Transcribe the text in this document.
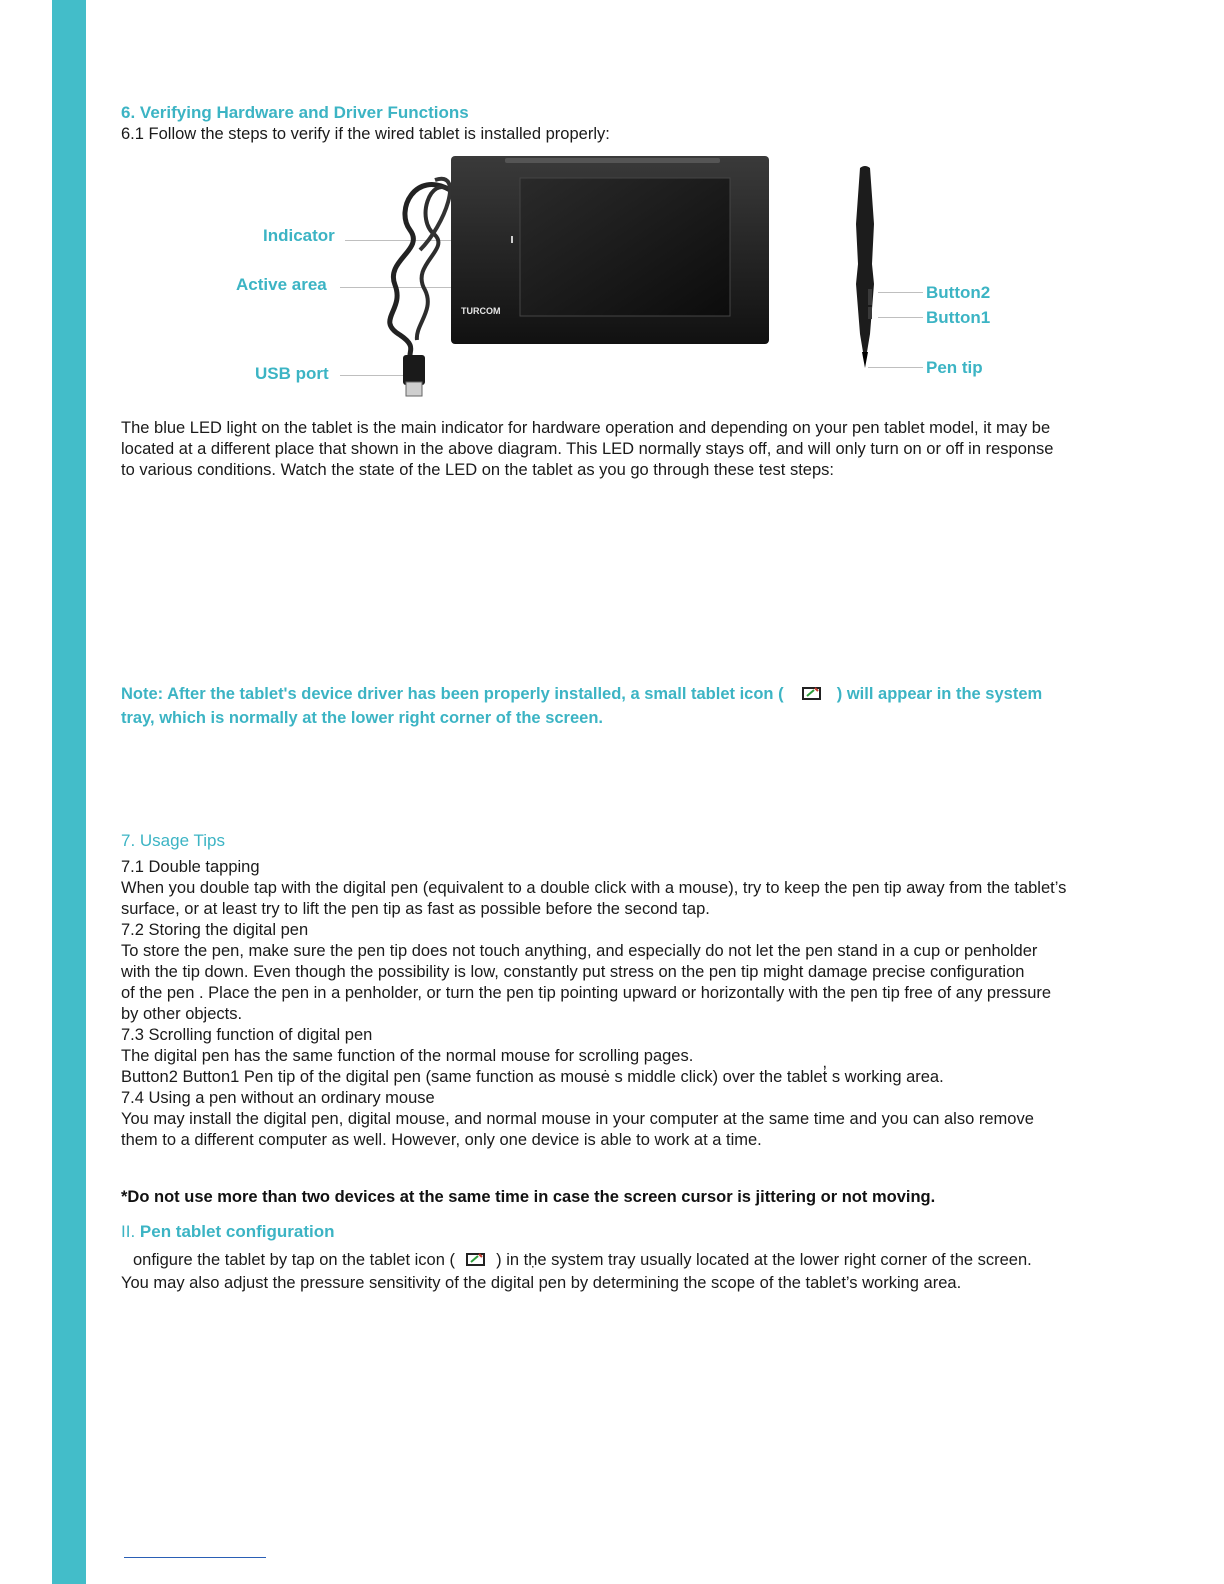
6. Verifying Hardware and Driver Functions
6.1 Follow the steps to verify if the wired tablet is installed properly:
Indicator
Active area
USB port
Button2
Button1
Pen tip
TURCOM

The blue LED light on the tablet is the main indicator for hardware operation and depending on your pen tablet model, it may be

located at a different place that shown in the above diagram. This LED normally stays off, and will only turn on or off in response

to various conditions. Watch the state of the LED on the tablet as you go through these test steps:

Note: After the tablet's device driver has been properly installed, a small tablet icon (	) will appear in the system

tray, which is normally at the lower right corner of the screen.

7. Usage Tips

7.1 Double tapping

When you double tap with the digital pen (equivalent to a double click with a mouse), try to keep the pen tip away from the tablet’s

surface, or at least try to lift the pen tip as fast as possible before the second tap.

7.2 Storing the digital pen

To store the pen, make sure the pen tip does not touch anything, and especially do not let the pen stand in a cup or penholder

with the tip down. Even though the possibility is low, constantly put stress on the pen tip might damage precise configuration

of the pen . Place the pen in a penholder, or turn the pen tip pointing upward or horizontally with the pen tip free of any pressure

by other objects.

7.3 Scrolling function of digital pen

The digital pen has the same function of the normal mouse for scrolling pages.

Button2 Button1 Pen tip of the digital pen (same function as mousė s middle click) over the tablet̓ s working area.

7.4 Using a pen without an ordinary mouse

You may install the digital pen, digital mouse, and normal mouse in your computer at the same time and you can also remove

them to a different computer as well. However, only one device is able to work at a time.

*Do not use more than two devices at the same time in case the screen cursor is jittering or not moving.
II. Pen tablet configuration

onfigure the tablet by tap on the tablet icon ( ) in tḥe system tray usually located at the lower right corner of the screen.

You may also adjust the pressure sensitivity of the digital pen by determining the scope of the tablet’s working area.
